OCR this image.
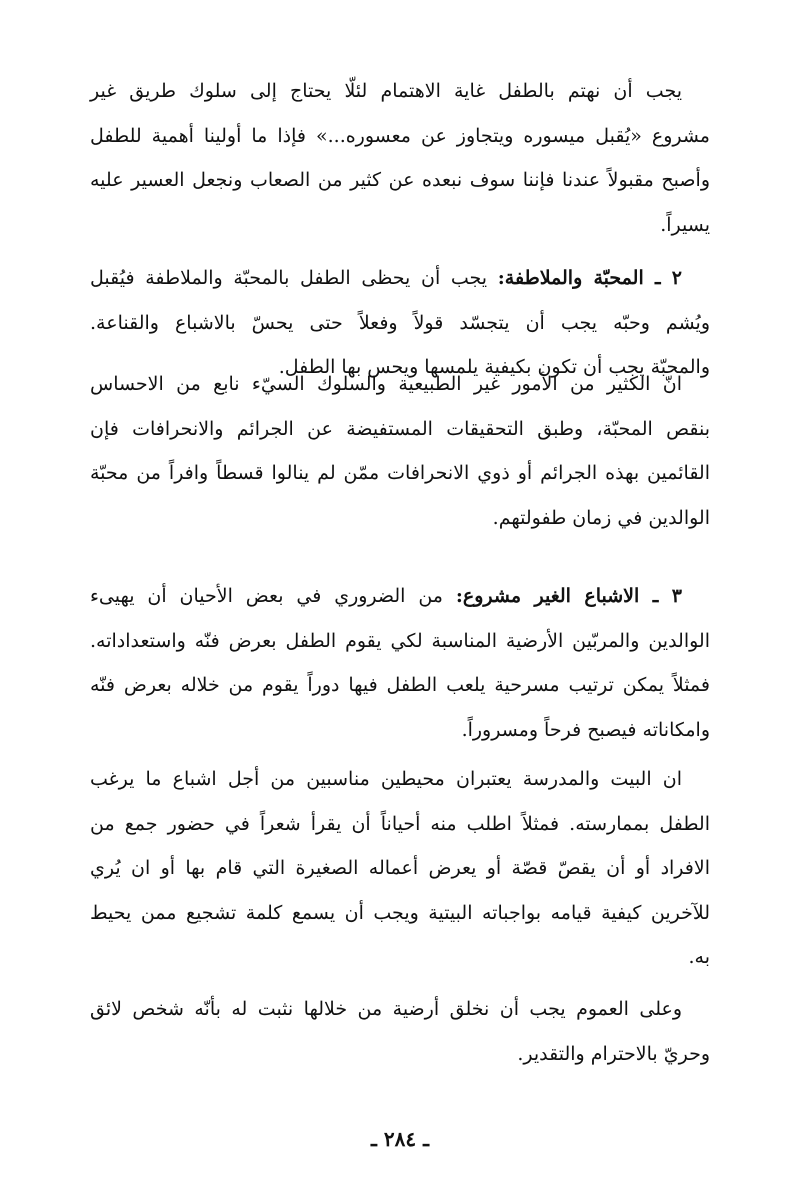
يجب أن نهتم بالطفل غاية الاهتمام لئلّا يحتاج إلى سلوك طريق غير
مشروع «يُقبل ميسوره ويتجاوز عن معسوره...» فإذا ما أولينا أهمية للطفل
وأصبح مقبولاً عندنا فإننا سوف نبعده عن كثير من الصعاب ونجعل العسير عليه
يسيراً.
٢ ـ المحبّة والملاطفة: يجب أن يحظى الطفل بالمحبّة والملاطفة فيُقبل
ويُشم وحبّه يجب أن يتجسّد قولاً وفعلاً حتى يحسّ بالاشباع والقناعة.
والمحبّة يجب أن تكون بكيفية يلمسها ويحس بها الطفل.
انّ الكثير من الأمور غير الطبيعية والسلوك السيّء نابع من الاحساس
بنقص المحبّة، وطبق التحقيقات المستفيضة عن الجرائم والانحرافات فإن
القائمين بهذه الجرائم أو ذوي الانحرافات ممّن لم ينالوا قسطاً وافراً من محبّة
الوالدين في زمان طفولتهم.
٣ ـ الاشباع الغير مشروع: من الضروري في بعض الأحيان أن يهيىء
الوالدين والمربّين الأرضية المناسبة لكي يقوم الطفل بعرض فنّه واستعداداته.
فمثلاً يمكن ترتيب مسرحية يلعب الطفل فيها دوراً يقوم من خلاله بعرض فنّه
وامكاناته فيصبح فرحاً ومسروراً.
ان البيت والمدرسة يعتبران محيطين مناسبين من أجل اشباع ما يرغب
الطفل بممارسته. فمثلاً اطلب منه أحياناً أن يقرأ شعراً في حضور جمع من
الافراد أو أن يقصّ قصّة أو يعرض أعماله الصغيرة التي قام بها أو ان يُري
للآخرين كيفية قيامه بواجباته البيتية ويجب أن يسمع كلمة تشجيع ممن يحيط
به.
وعلى العموم يجب أن نخلق أرضية من خلالها نثبت له بأنّه شخص لائق
وحريّ بالاحترام والتقدير.
ـ ٢٨٤ ـ
